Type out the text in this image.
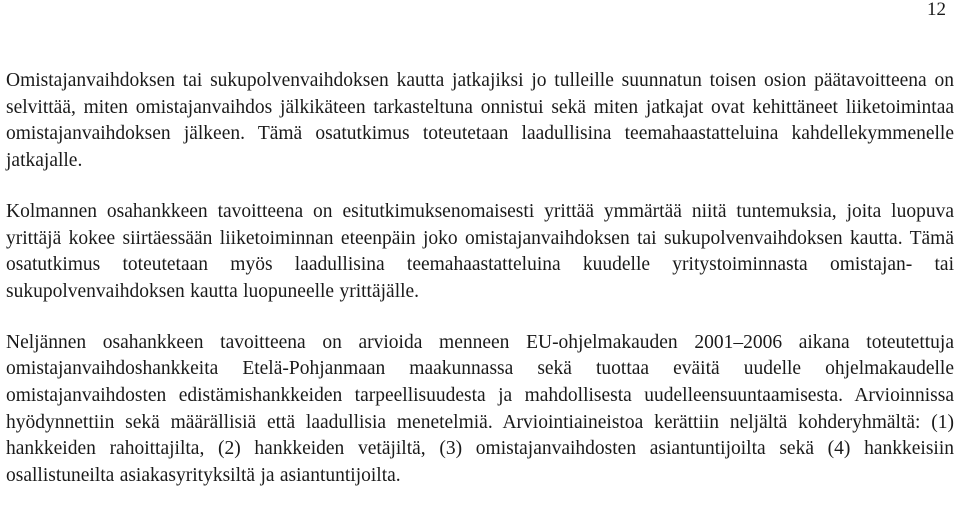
12

Omistajanvaihdoksen tai sukupolvenvaihdoksen kautta jatkajiksi jo tulleille suunnatun toisen osion päätavoitteena on selvittää, miten omistajanvaihdos jälkikäteen tarkasteltuna onnistui sekä miten jatkajat ovat kehittäneet liiketoimintaa omistajanvaihdoksen jälkeen. Tämä osatutkimus toteutetaan laadullisina teemahaastatteluina kahdellekymmenelle jatkajalle.

Kolmannen osahankkeen tavoitteena on esitutkimuksenomaisesti yrittää ymmärtää niitä tuntemuksia, joita luopuva yrittäjä kokee siirtäessään liiketoiminnan eteenpäin joko omistajanvaihdoksen tai sukupolvenvaihdoksen kautta. Tämä osatutkimus toteutetaan myös laadullisina teemahaastatteluina kuudelle yritystoiminnasta omistajan- tai sukupolvenvaihdoksen kautta luopuneelle yrittäjälle.

Neljännen osahankkeen tavoitteena on arvioida menneen EU-ohjelmakauden 2001–2006 aikana toteutettuja omistajanvaihdoshankkeita Etelä-Pohjanmaan maakunnassa sekä tuottaa eväitä uudelle ohjelmakaudelle omistajanvaihdosten edistämishankkeiden tarpeellisuudesta ja mahdollisesta uudelleensuuntaamisesta. Arvioinnissa hyödynnettiin sekä määrällisiä että laadullisia menetelmiä. Arviointiaineistoa kerättiin neljältä kohderyhmältä: (1) hankkeiden rahoittajilta, (2) hankkeiden vetäjiltä, (3) omistajanvaihdosten asiantuntijoilta sekä (4) hankkeisiin osallistuneilta asiakasyrityksiltä ja asiantuntijoilta.
